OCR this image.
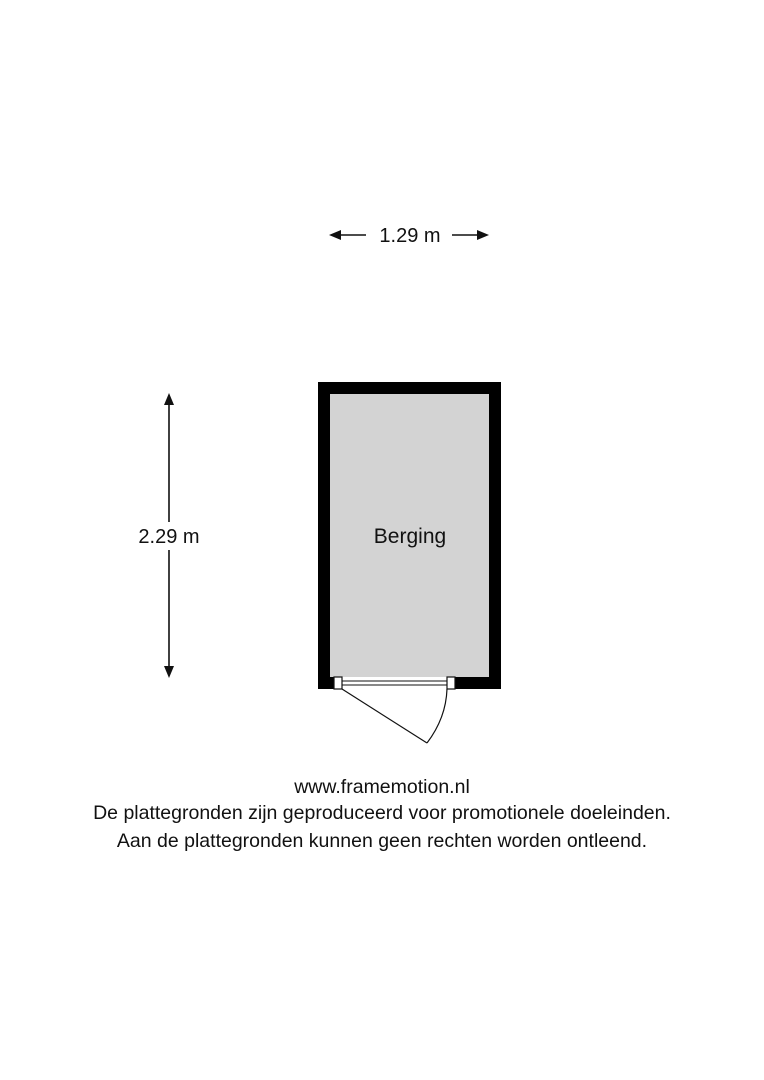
1.29 m
2.29 m	Berging
www.framemotion.nl
De plattegronden zijn geproduceerd voor promotionele doeleinden.
Aan de plattegronden kunnen geen rechten worden ontleend.
